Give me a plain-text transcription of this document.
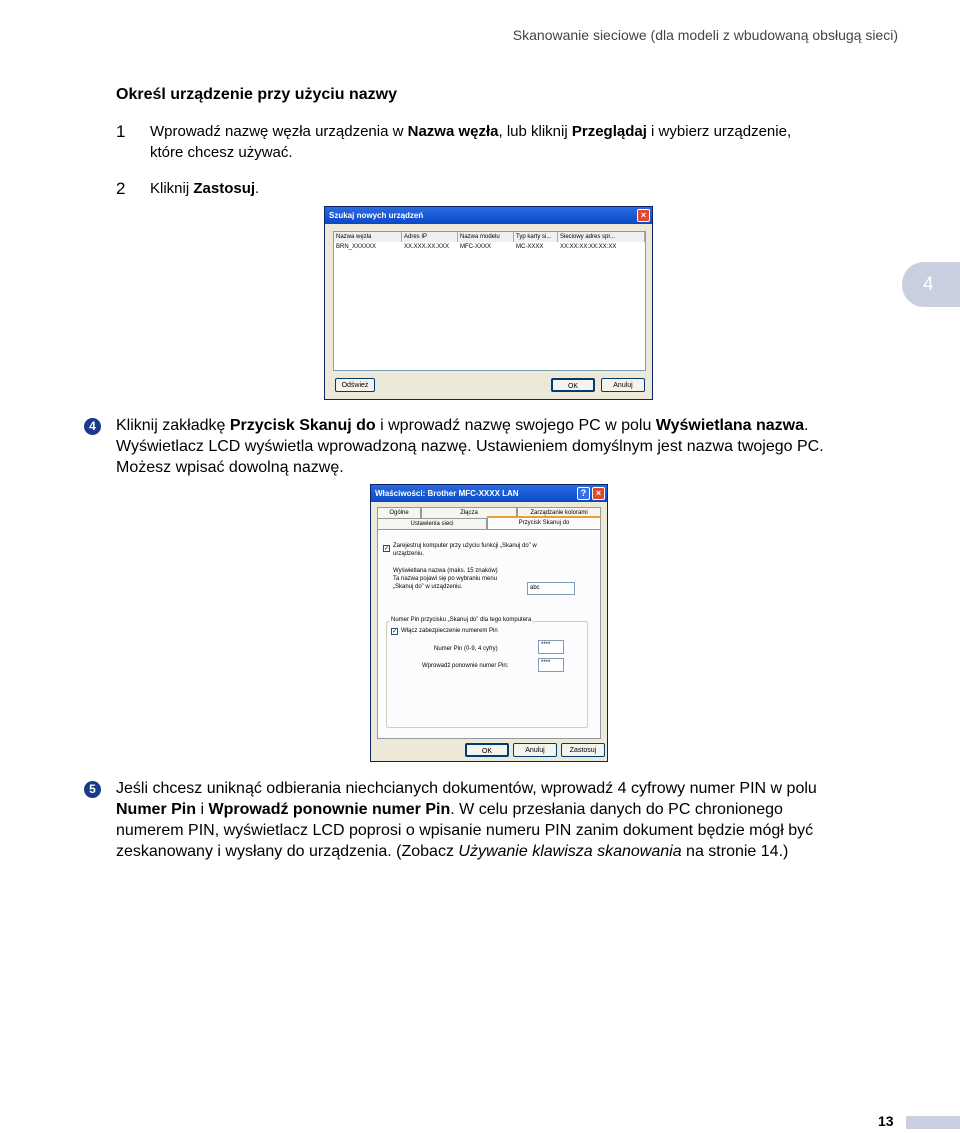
Skanowanie sieciowe (dla modeli z wbudowaną obsługą sieci)
Określ urządzenie przy użyciu nazwy
1 Wprowadź nazwę węzła urządzenia w Nazwa węzła, lub kliknij Przeglądaj i wybierz urządzenie,
które chcesz używać.
2 Kliknij Zastosuj.
Szukaj nowych urządzeń	×
Nazwa węzła	Adres IP	Nazwa modelu	Typ karty si...	Sieciowy adres spr...
BRN_XXXXXX	XX.XXX.XX.XXX MFC-XXXX	MC-XXXX	XX:XX:XX:XX:XX:XX
Odśwież	OK	Anuluj
4
4	Kliknij zakładkę Przycisk Skanuj do i wprowadź nazwę swojego PC w polu Wyświetlana nazwa.
Wyświetlacz LCD wyświetla wprowadzoną nazwę. Ustawieniem domyślnym jest nazwa twojego PC.
Możesz wpisać dowolną nazwę.
Właściwości: Brother MFC-XXXX LAN	?	×
Ogólne	Złącza	Zarządzanie kolorami
Ustawienia sieci	Przycisk Skanuj do
✓ Zarejestruj komputer przy użyciu funkcji „Skanuj do” w
urządzeniu.
Wyświetlana nazwa (maks. 15 znaków)
Ta nazwa pojawi się po wybraniu menu
„Skanuj do” w urządzeniu.	abc
Numer Pin przycisku „Skanuj do” dla tego komputera
✓ Włącz zabezpieczenie numerem Pin
Numer Pin (0-9, 4 cyfry)
****
Wprowadź ponownie numer Pin:	****
OK	Anuluj	Zastosuj
5	Jeśli chcesz uniknąć odbierania niechcianych dokumentów, wprowadź 4 cyfrowy numer PIN w polu
Numer Pin i Wprowadź ponownie numer Pin. W celu przesłania danych do PC chronionego
numerem PIN, wyświetlacz LCD poprosi o wpisanie numeru PIN zanim dokument będzie mógł być
zeskanowany i wysłany do urządzenia. (Zobacz Używanie klawisza skanowania na stronie 14.)
13
